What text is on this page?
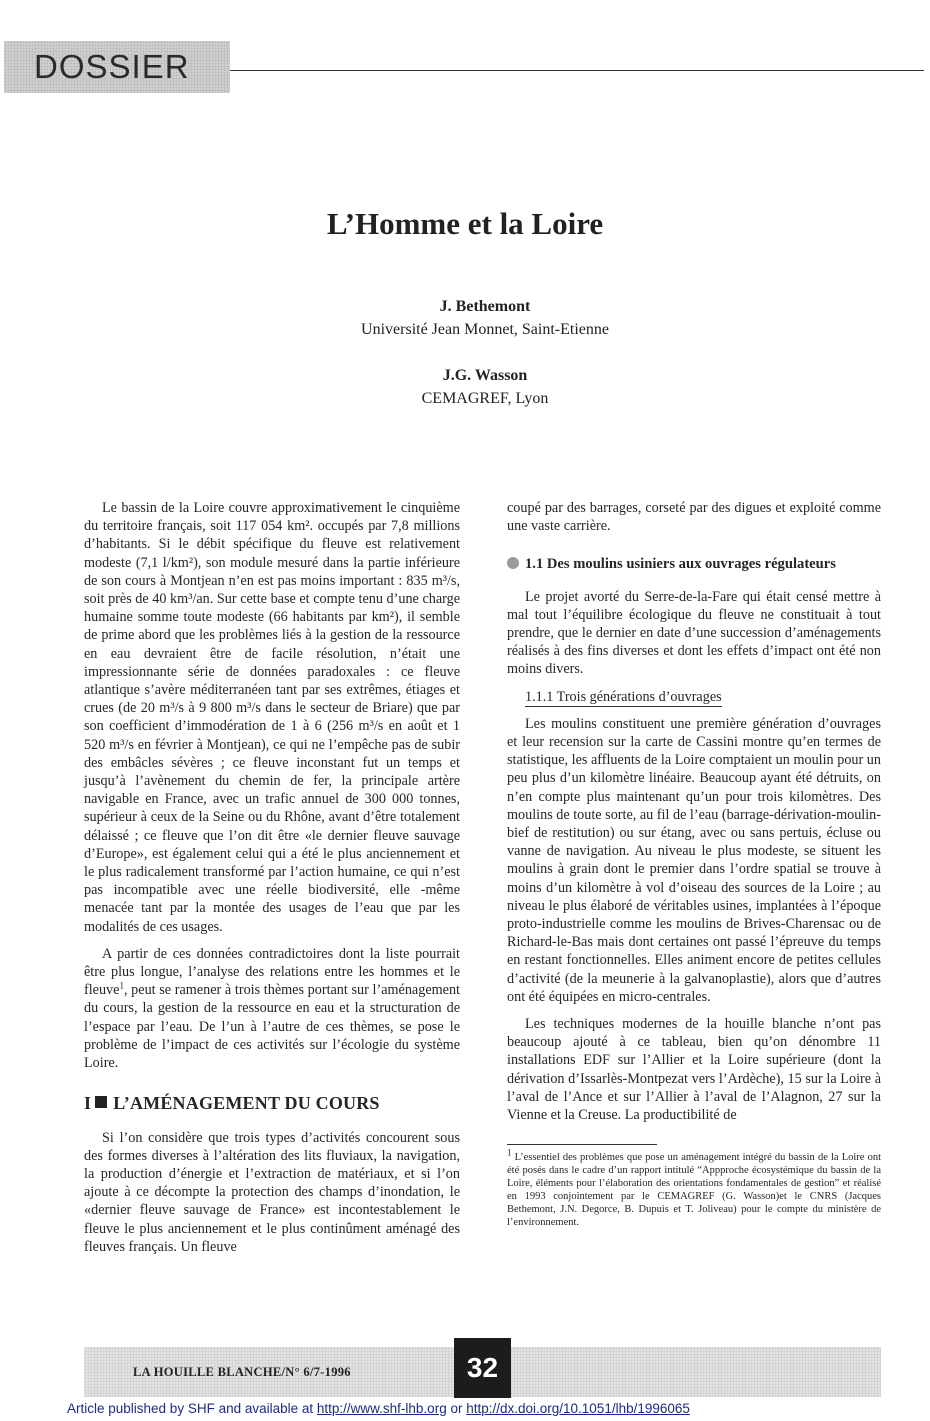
DOSSIER
L’Homme et la Loire
J. Bethemont
Université Jean Monnet, Saint-Etienne
J.G. Wasson
CEMAGREF, Lyon

Le bassin de la Loire couvre approximativement le cinquième du territoire français, soit 117 054 km². occupés par 7,8 millions d’habitants. Si le débit spécifique du fleuve est relativement modeste (7,1 l/km²), son module mesuré dans la partie inférieure de son cours à Montjean n’en est pas moins important : 835 m³/s, soit près de 40 km³/an. Sur cette base et compte tenu d’une charge humaine somme toute modeste (66 habitants par km²), il semble de prime abord que les problèmes liés à la gestion de la ressource en eau devraient être de facile résolution, n’était une impressionnante série de données paradoxales : ce fleuve atlantique s’avère méditerranéen tant par ses extrêmes, étiages et crues (de 20 m³/s à 9 800 m³/s dans le secteur de Briare) que par son coefficient d’immodération de 1 à 6 (256 m³/s en août et 1 520 m³/s en février à Montjean), ce qui ne l’empêche pas de subir des embâcles sévères ; ce fleuve inconstant fut un temps et jusqu’à l’avènement du chemin de fer, la principale artère navigable en France, avec un trafic annuel de 300 000 tonnes, supérieur à ceux de la Seine ou du Rhône, avant d’être totalement délaissé ; ce fleuve que l’on dit être «le dernier fleuve sauvage d’Europe», est également celui qui a été le plus anciennement et le plus radicalement transformé par l’action humaine, ce qui n’est pas incompatible avec une réelle biodiversité, elle -même menacée tant par la montée des usages de l’eau que par les modalités de ces usages.

A partir de ces données contradictoires dont la liste pourrait être plus longue, l’analyse des relations entre les hommes et le fleuve$^1$, peut se ramener à trois thèmes portant sur l’aménagement du cours, la gestion de la ressource en eau et la structuration de l’espace par l’eau. De l’un à l’autre de ces thèmes, se pose le problème de l’impact de ces activités sur l’écologie du système Loire.

I L’AMÉNAGEMENT DU COURS

Si l’on considère que trois types d’activités concourent sous des formes diverses à l’altération des lits fluviaux, la navigation, la production d’énergie et l’extraction de matériaux, et si l’on ajoute à ce décompte la protection des champs d’inondation, le «dernier fleuve sauvage de France» est incontestablement le fleuve le plus anciennement et le plus continûment aménagé des fleuves français. Un fleuve

coupé par des barrages, corseté par des digues et exploité comme une vaste carrière.

1.1 Des moulins usiniers aux ouvrages régulateurs

Le projet avorté du Serre-de-la-Fare qui était censé mettre à mal tout l’équilibre écologique du fleuve ne constituait à tout prendre, que le dernier en date d’une succession d’aménagements réalisés à des fins diverses et dont les effets d’impact ont été non moins divers.

1.1.1 Trois générations d’ouvrages

Les moulins constituent une première génération d’ouvrages et leur recension sur la carte de Cassini montre qu’en termes de statistique, les affluents de la Loire comptaient un moulin pour un peu plus d’un kilomètre linéaire. Beaucoup ayant été détruits, on n’en compte plus maintenant qu’un pour trois kilomètres. Des moulins de toute sorte, au fil de l’eau (barrage-dérivation-moulin-bief de restitution) ou sur étang, avec ou sans pertuis, écluse ou vanne de navigation. Au niveau le plus modeste, se situent les moulins à grain dont le premier dans l’ordre spatial se trouve à moins d’un kilomètre à vol d’oiseau des sources de la Loire ; au niveau le plus élaboré de véritables usines, implantées à l’époque proto-industrielle comme les moulins de Brives-Charensac ou de Richard-le-Bas mais dont certaines ont passé l’épreuve du temps en restant fonctionnelles. Elles animent encore de petites cellules d’activité (de la meunerie à la galvanoplastie), alors que d’autres ont été équipées en micro-centrales.

Les techniques modernes de la houille blanche n’ont pas beaucoup ajouté à ce tableau, bien qu’on dénombre 11 installations EDF sur l’Allier et la Loire supérieure (dont la dérivation d’Issarlès-Montpezat vers l’Ardèche), 15 sur la Loire à l’aval de l’Ance et sur l’Allier à l’aval de l’Alagnon, 27 sur la Vienne et la Creuse. La productibilité de

$^1$ L’essentiel des problèmes que pose un aménagement intégré du bassin de la Loire ont été posés dans le cadre d’un rapport intitulé “Appproche écosystémique du bassin de la Loire, éléments pour l’élaboration des orientations fondamentales de gestion” et réalisé en 1993 conjointement par le CEMAGREF (G. Wasson)et le CNRS (Jacques Bethemont, J.N. Degorce, B. Dupuis et T. Joliveau) pour le compte du ministère de l’environnement.
LA HOUILLE BLANCHE/N° 6/7-1996	32
Article published by SHF and available at http://www.shf-lhb.org or http://dx.doi.org/10.1051/lhb/1996065
